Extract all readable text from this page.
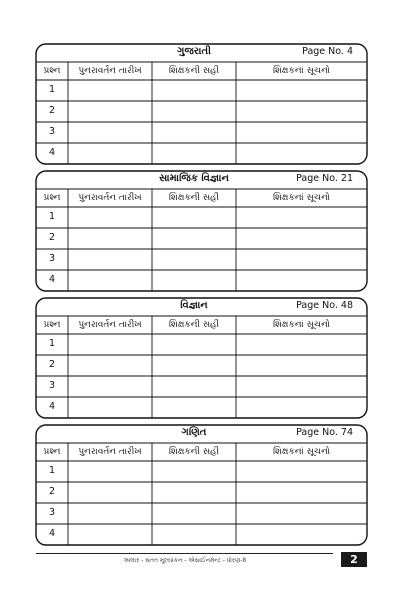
ગુજરાતી	Page No. 4
પ્રશ્ન	પુનરાવર્તન તારીખ	શિક્ષકની સહી	શિક્ષકનાં સૂચનો
1
2
3
4
સામાજિક વિજ્ઞાન	Page No. 21
પ્રશ્ન	પુનરાવર્તન તારીખ	શિક્ષકની સહી	શિક્ષકનાં સૂચનો
1
2
3
4
વિજ્ઞાન	Page No. 48
પ્રશ્ન	પુનરાવર્તન તારીખ	શિક્ષકની સહી	શિક્ષકનાં સૂચનો
1
2
3
4
ગણિત	Page No. 74
પ્રશ્ન	પુનરાવર્તન તારીખ	શિક્ષકની સહી	શિક્ષકનાં સૂચનો
1
2
3
4
અલાર - સતત મૂલ્યાંકન - એસાઈનમેન્ટ - ધોરણ-8	2
